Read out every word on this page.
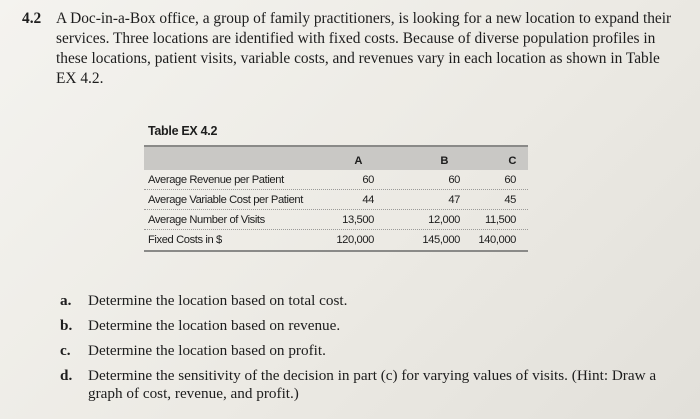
4.2 A Doc-in-a-Box office, a group of family practitioners, is looking for a new location to expand their services. Three locations are identified with fixed costs. Because of diverse population profiles in these locations, patient visits, variable costs, and revenues vary in each location as shown in Table EX 4.2.
Table EX 4.2
A	B	C
Average Revenue per Patient	60	60	60
Average Variable Cost per Patient	44	47	45
Average Number of Visits	13,500	12,000	11,500
Fixed Costs in $	120,000	145,000	140,000
a.	Determine the location based on total cost.
b.	Determine the location based on revenue.
c.	Determine the location based on profit.
d.	Determine the sensitivity of the decision in part (c) for varying values of visits. (Hint: Draw a graph of cost, revenue, and profit.)
